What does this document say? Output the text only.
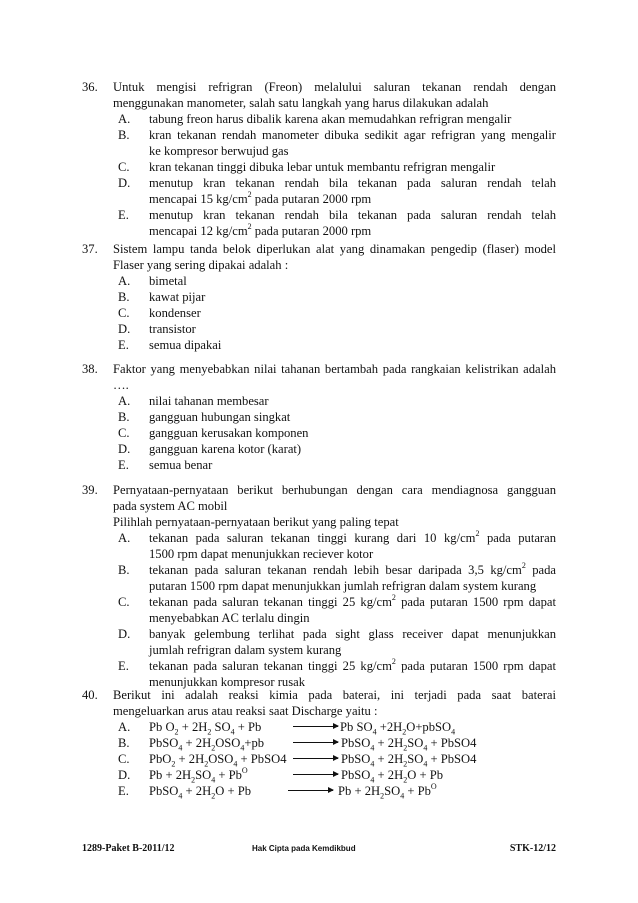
36.	Untuk mengisi refrigran (Freon) melalului saluran tekanan rendah dengan
menggunakan manometer, salah satu langkah yang harus dilakukan adalah
A. tabung freon harus dibalik karena akan memudahkan refrigran mengalir
B. kran tekanan rendah manometer dibuka sedikit agar refrigran yang mengalir
ke kompresor berwujud gas
C. kran tekanan tinggi dibuka lebar untuk membantu refrigran mengalir
D. menutup kran tekanan rendah bila tekanan pada saluran rendah telah
mencapai 15 $kg/cm^2$ pada putaran 2000 rpm
E. menutup kran tekanan rendah bila tekanan pada saluran rendah telah
mencapai 12 $kg/cm^2$ pada putaran 2000 rpm
37.	Sistem lampu tanda belok diperlukan alat yang dinamakan pengedip (flaser) model
Flaser yang sering dipakai adalah :
A. bimetal
B. kawat pijar
C. kondenser
D. transistor
E. semua dipakai
38.	Faktor yang menyebabkan nilai tahanan bertambah pada rangkaian kelistrikan adalah
….
A. nilai tahanan membesar
B. gangguan hubungan singkat
C. gangguan kerusakan komponen
D. gangguan karena kotor (karat)
E. semua benar
39.	Pernyataan-pernyataan berikut berhubungan dengan cara mendiagnosa gangguan
pada system AC mobil
Pilihlah pernyataan-pernyataan berikut yang paling tepat
A. tekanan pada saluran tekanan tinggi kurang dari 10 $kg/cm^2$ pada putaran
1500 rpm dapat menunjukkan reciever kotor
B. tekanan pada saluran tekanan rendah lebih besar daripada 3,5 $kg/cm^2$ pada
putaran 1500 rpm dapat menunjukkan jumlah refrigran dalam system kurang
C. tekanan pada saluran tekanan tinggi 25 $kg/cm^2$ pada putaran 1500 rpm dapat
menyebabkan AC terlalu dingin
D. banyak gelembung terlihat pada sight glass receiver dapat menunjukkan
jumlah refrigran dalam system kurang
E. tekanan pada saluran tekanan tinggi 25 $kg/cm^2$ pada putaran 1500 rpm dapat
menunjukkan kompresor rusak
40.	Berikut ini adalah reaksi kimia pada baterai, ini terjadi pada saat baterai
mengeluarkan arus atau reaksi saat Discharge yaitu :
A. Pb $O_2 + 2H_2$ $SO_4 + Pb$	→ Pb $SO_4$ $+2H_2O+pbSO_4$
B. PbSO$_4$ + $2H_2OSO_4+pb$ → PbSO$_4$ + $2H_2SO_4$ + PbSO4
C. $PbO_2 + 2H_2OSO_4$ + PbSO4 → PbSO$_4$ + $2H_2SO_4$ + PbSO4
D. $Pb + 2H_2SO_4 + Pb^O$	→ PbSO$_4$ + $2H_2O + Pb$
E. PbSO$_4$ + $2H_2O + Pb$	→ $Pb + 2H_2SO_4 + Pb^O$
1289-Paket B-2011/12	Hak Cipta pada Kemdikbud	STK-12/12
